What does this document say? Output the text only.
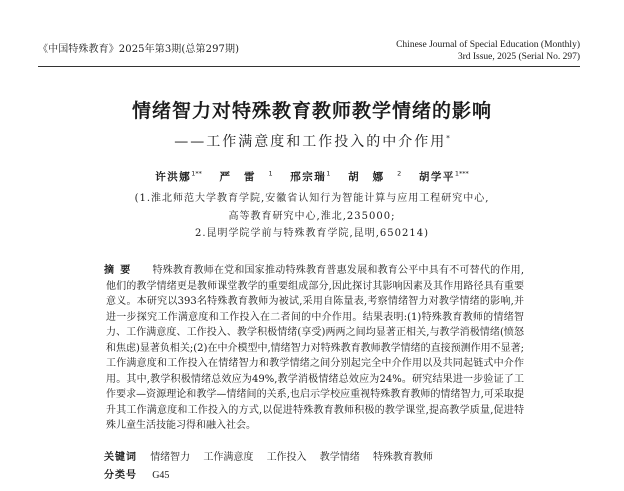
《中国特殊教育》2025年第3期(总第297期)	Chinese Journal of Special Education (Monthly)
3rd Issue, 2025 (Serial No. 297)
情绪智力对特殊教育教师教学情绪的影响
——工作满意度和工作投入的中介作用*
许洪娜$^{1**}$ 严雷$^1$ 邢宗瑞$^1$ 胡娜$^2$ 胡学平$^{1***}$
(1.淮北师范大学教育学院,安徽省认知行为智能计算与应用工程研究中心,
高等教育研究中心,淮北,235000;
2.昆明学院学前与特殊教育学院,昆明,650214)
摘要 特殊教育教师在党和国家推动特殊教育普惠发展和教育公平中具有不可替代的作用,他们的教学情绪更是教师课堂教学的重要组成部分,因此探讨其影响因素及其作用路径具有重要意义。本研究以393名特殊教育教师为被试,采用自陈量表,考察情绪智力对教学情绪的影响,并进一步探究工作满意度和工作投入在二者间的中介作用。结果表明:(1)特殊教育教师的情绪智力、工作满意度、工作投入、教学积极情绪(享受)两两之间均显著正相关,与教学消极情绪(愤怒和焦虑)显著负相关;(2)在中介模型中,情绪智力对特殊教育教师教学情绪的直接预测作用不显著;工作满意度和工作投入在情绪智力和教学情绪之间分别起完全中介作用以及共同起链式中介作用。其中,教学积极情绪总效应为49%,教学消极情绪总效应为24%。研究结果进一步验证了工作要求—资源理论和教学—情绪间的关系,也启示学校应重视特殊教育教师的情绪智力,可采取提升其工作满意度和工作投入的方式,以促进特殊教育教师积极的教学课堂,提高教学质量,促进特殊儿童生活技能习得和融入社会。
关键词 情绪智力 工作满意度 工作投入 教学情绪 特殊教育教师
分类号 G45
